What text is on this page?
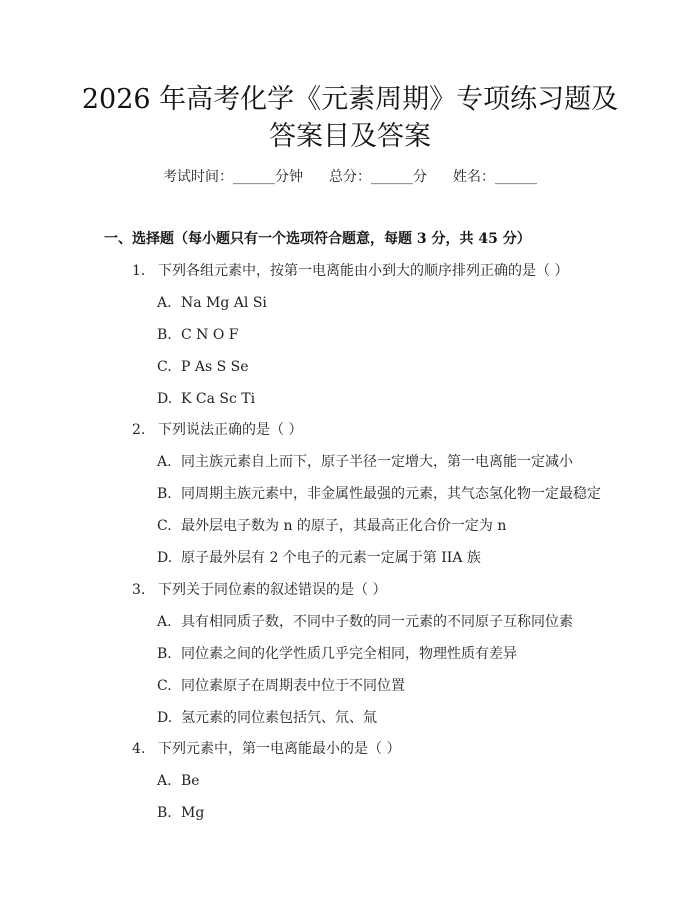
2026 年高考化学《元素周期》专项练习题及
答案目及答案
考试时间：______分钟 总分：______分 姓名：______
一、选择题（每小题只有一个选项符合题意，每题 3 分，共 45 分）
1. 下列各组元素中，按第一电离能由小到大的顺序排列正确的是（ ）
A. Na Mg Al Si
B. C N O F
C. P As S Se
D. K Ca Sc Ti
2. 下列说法正确的是（ ）
A. 同主族元素自上而下，原子半径一定增大，第一电离能一定减小
B. 同周期主族元素中，非金属性最强的元素，其气态氢化物一定最稳定
C. 最外层电子数为 n 的原子，其最高正化合价一定为 n
D. 原子最外层有 2 个电子的元素一定属于第 IIA 族
3. 下列关于同位素的叙述错误的是（ ）
A. 具有相同质子数，不同中子数的同一元素的不同原子互称同位素
B. 同位素之间的化学性质几乎完全相同，物理性质有差异
C. 同位素原子在周期表中位于不同位置
D. 氢元素的同位素包括氕、氘、氚
4. 下列元素中，第一电离能最小的是（ ）
A. Be
B. Mg
